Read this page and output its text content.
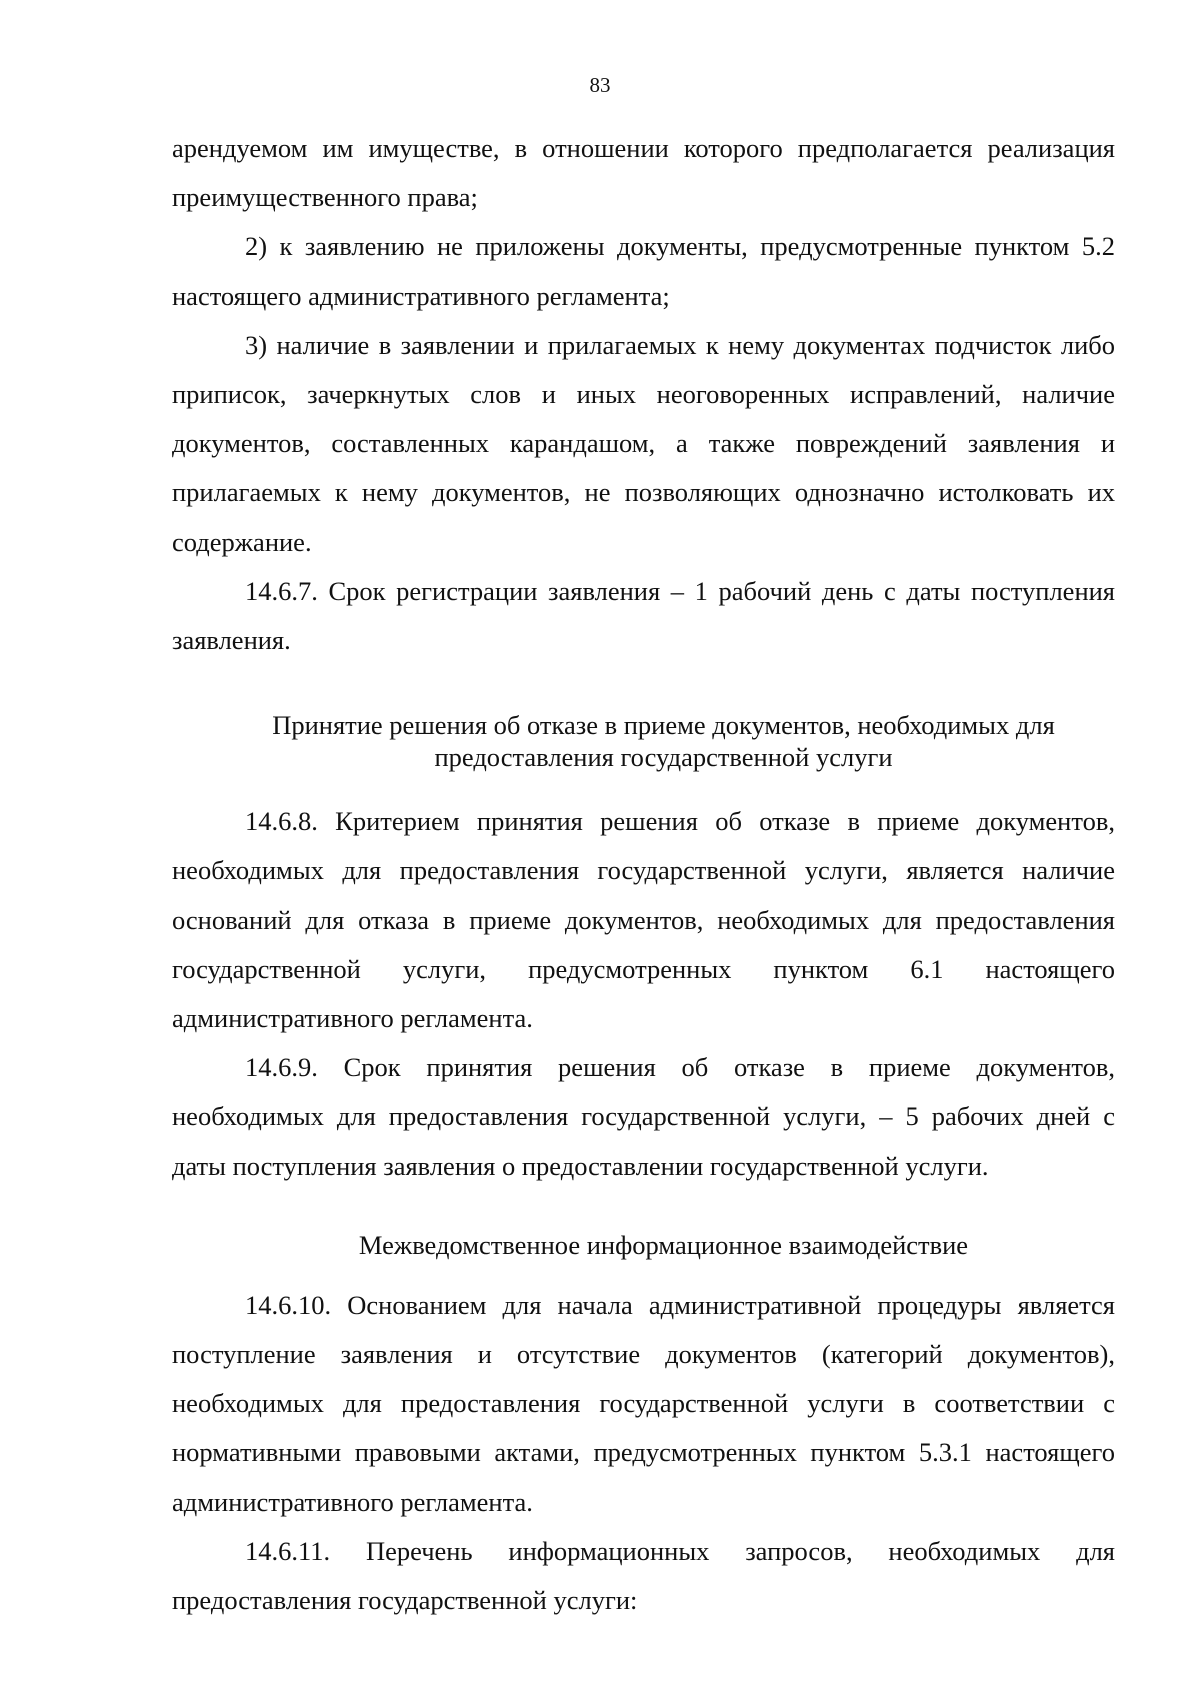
83

арендуемом им имуществе, в отношении которого предполагается реализация преимущественного права;

2) к заявлению не приложены документы, предусмотренные пунктом 5.2 настоящего административного регламента;

3) наличие в заявлении и прилагаемых к нему документах подчисток либо приписок, зачеркнутых слов и иных неоговоренных исправлений, наличие документов, составленных карандашом, а также повреждений заявления и прилагаемых к нему документов, не позволяющих однозначно истолковать их содержание.

14.6.7. Срок регистрации заявления – 1 рабочий день с даты поступления заявления.

Принятие решения об отказе в приеме документов, необходимых для предоставления государственной услуги

14.6.8. Критерием принятия решения об отказе в приеме документов, необходимых для предоставления государственной услуги, является наличие оснований для отказа в приеме документов, необходимых для предоставления государственной услуги, предусмотренных пунктом 6.1 настоящего административного регламента.

14.6.9. Срок принятия решения об отказе в приеме документов, необходимых для предоставления государственной услуги, – 5 рабочих дней с даты поступления заявления о предоставлении государственной услуги.

Межведомственное информационное взаимодействие

14.6.10. Основанием для начала административной процедуры является поступление заявления и отсутствие документов (категорий документов), необходимых для предоставления государственной услуги в соответствии с нормативными правовыми актами, предусмотренных пунктом 5.3.1 настоящего административного регламента.

14.6.11. Перечень информационных запросов, необходимых для предоставления государственной услуги:
